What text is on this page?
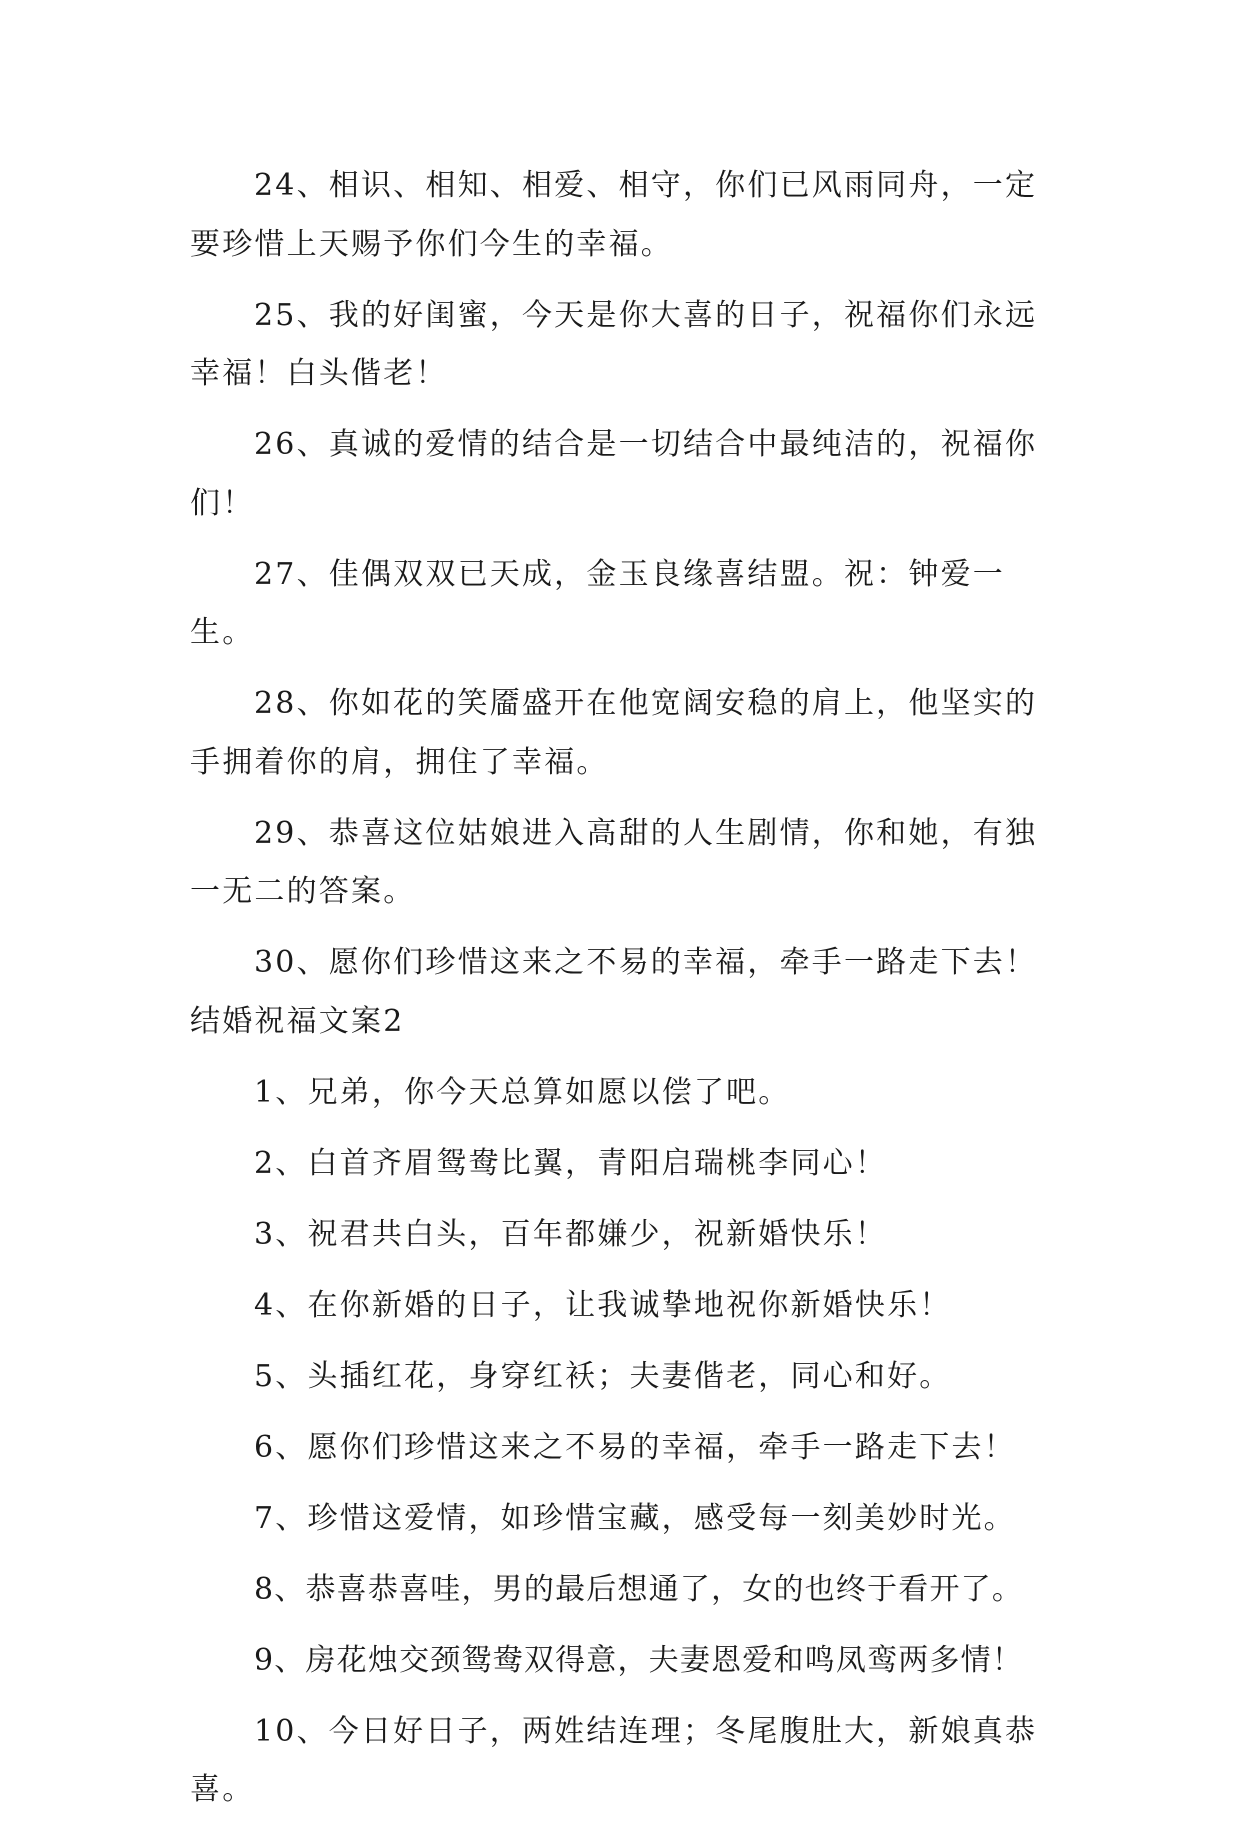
24、相识、相知、相爱、相守，你们已风雨同舟，一定要珍惜上天赐予你们今生的幸福。

25、我的好闺蜜，今天是你大喜的日子，祝福你们永远幸福！白头偕老！

26、真诚的爱情的结合是一切结合中最纯洁的，祝福你们！

27、佳偶双双已天成，金玉良缘喜结盟。祝：钟爱一生。

28、你如花的笑靥盛开在他宽阔安稳的肩上，他坚实的手拥着你的肩，拥住了幸福。

29、恭喜这位姑娘进入高甜的人生剧情，你和她，有独一无二的答案。

30、愿你们珍惜这来之不易的幸福，牵手一路走下去！

结婚祝福文案2

1、兄弟，你今天总算如愿以偿了吧。

2、白首齐眉鸳鸯比翼，青阳启瑞桃李同心！

3、祝君共白头，百年都嫌少，祝新婚快乐！

4、在你新婚的日子，让我诚挚地祝你新婚快乐！

5、头插红花，身穿红袄；夫妻偕老，同心和好。

6、愿你们珍惜这来之不易的幸福，牵手一路走下去！

7、珍惜这爱情，如珍惜宝藏，感受每一刻美妙时光。

8、恭喜恭喜哇，男的最后想通了，女的也终于看开了。

9、房花烛交颈鸳鸯双得意，夫妻恩爱和鸣凤鸾两多情！

10、今日好日子，两姓结连理；冬尾腹肚大，新娘真恭喜。
